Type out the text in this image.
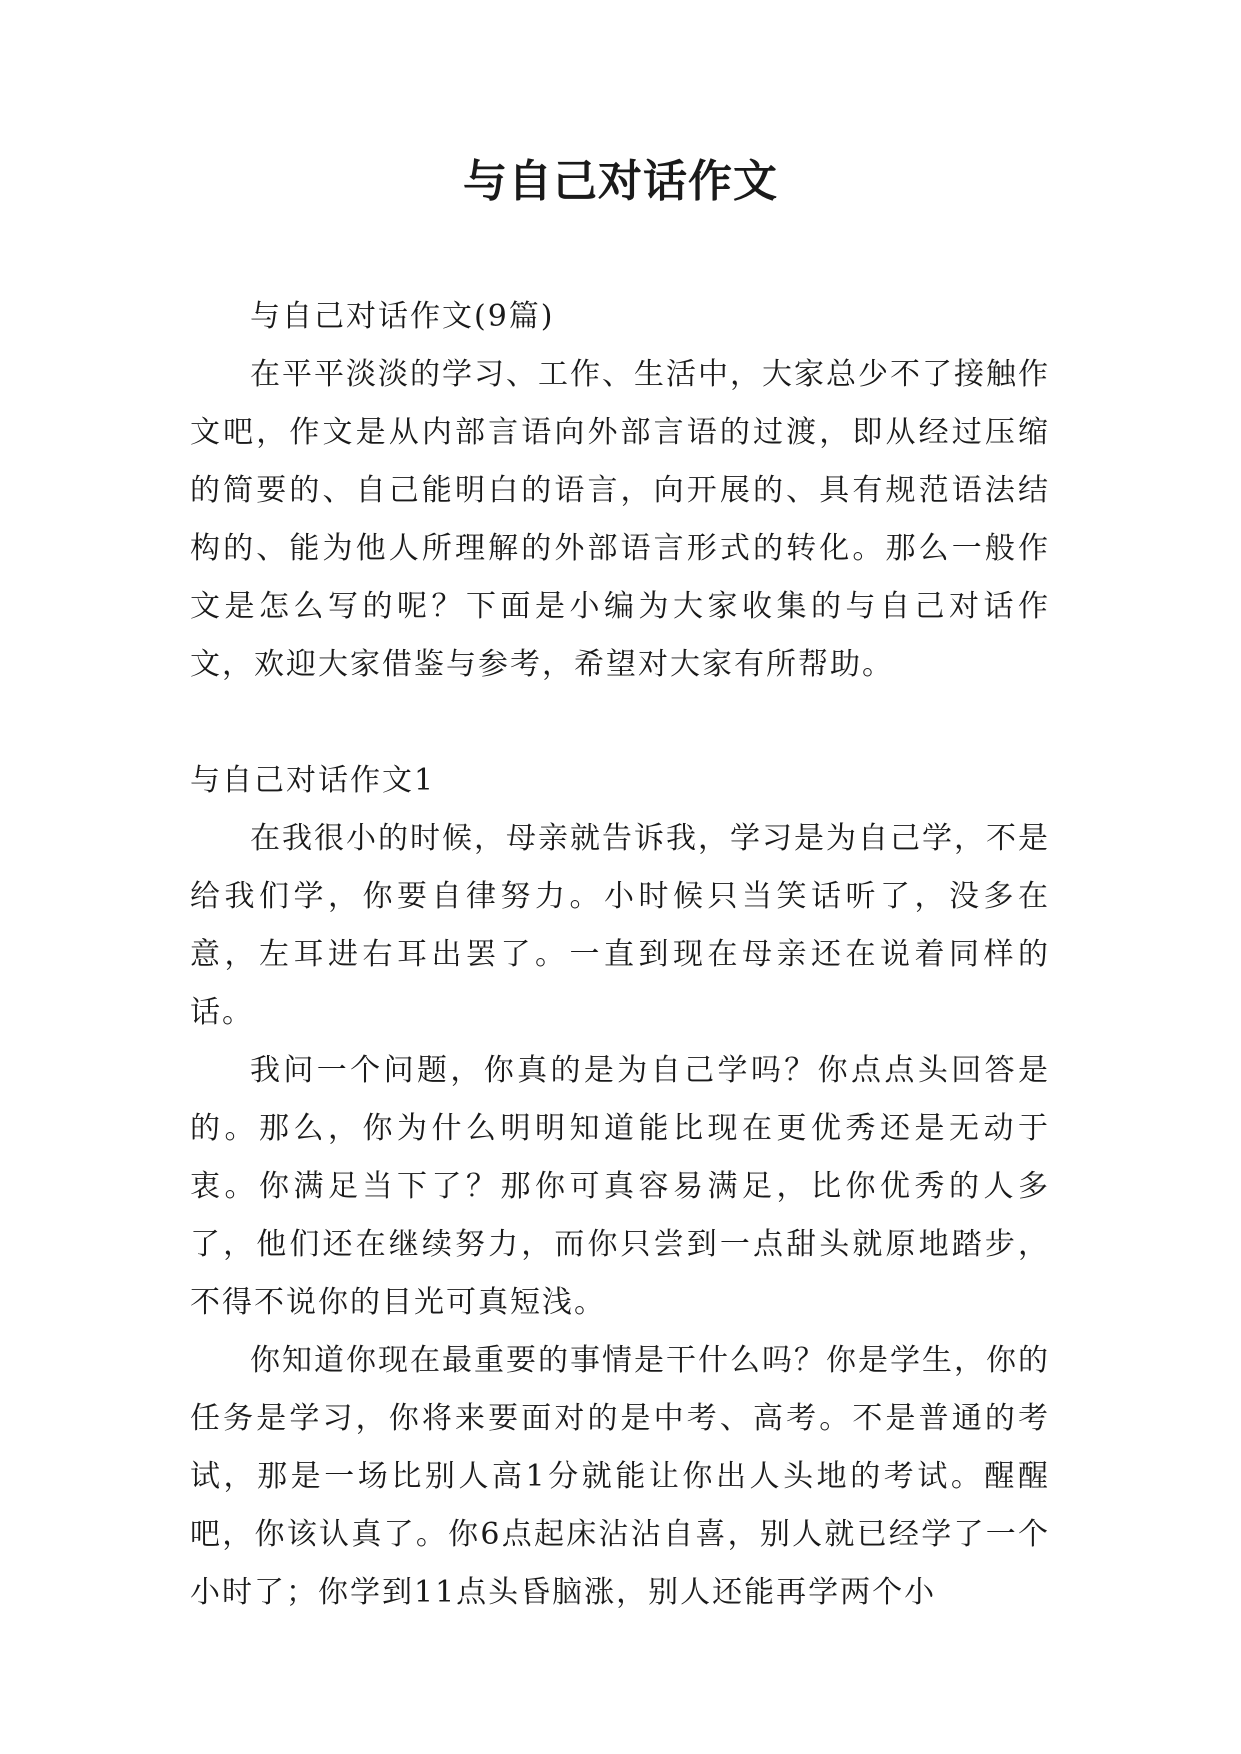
与自己对话作文

与自己对话作文(9篇)

在平平淡淡的学习、工作、生活中，大家总少不了接触作文吧，作文是从内部言语向外部言语的过渡，即从经过压缩的简要的、自己能明白的语言，向开展的、具有规范语法结构的、能为他人所理解的外部语言形式的转化。那么一般作文是怎么写的呢？下面是小编为大家收集的与自己对话作文，欢迎大家借鉴与参考，希望对大家有所帮助。

与自己对话作文1

在我很小的时候，母亲就告诉我，学习是为自己学，不是给我们学，你要自律努力。小时候只当笑话听了，没多在意，左耳进右耳出罢了。一直到现在母亲还在说着同样的话。

我问一个问题，你真的是为自己学吗？你点点头回答是的。那么，你为什么明明知道能比现在更优秀还是无动于衷。你满足当下了？那你可真容易满足，比你优秀的人多了，他们还在继续努力，而你只尝到一点甜头就原地踏步，不得不说你的目光可真短浅。

你知道你现在最重要的事情是干什么吗？你是学生，你的任务是学习，你将来要面对的是中考、高考。不是普通的考试，那是一场比别人高1分就能让你出人头地的考试。醒醒吧，你该认真了。你6点起床沾沾自喜，别人就已经学了一个小时了；你学到11点头昏脑涨，别人还能再学两个小
